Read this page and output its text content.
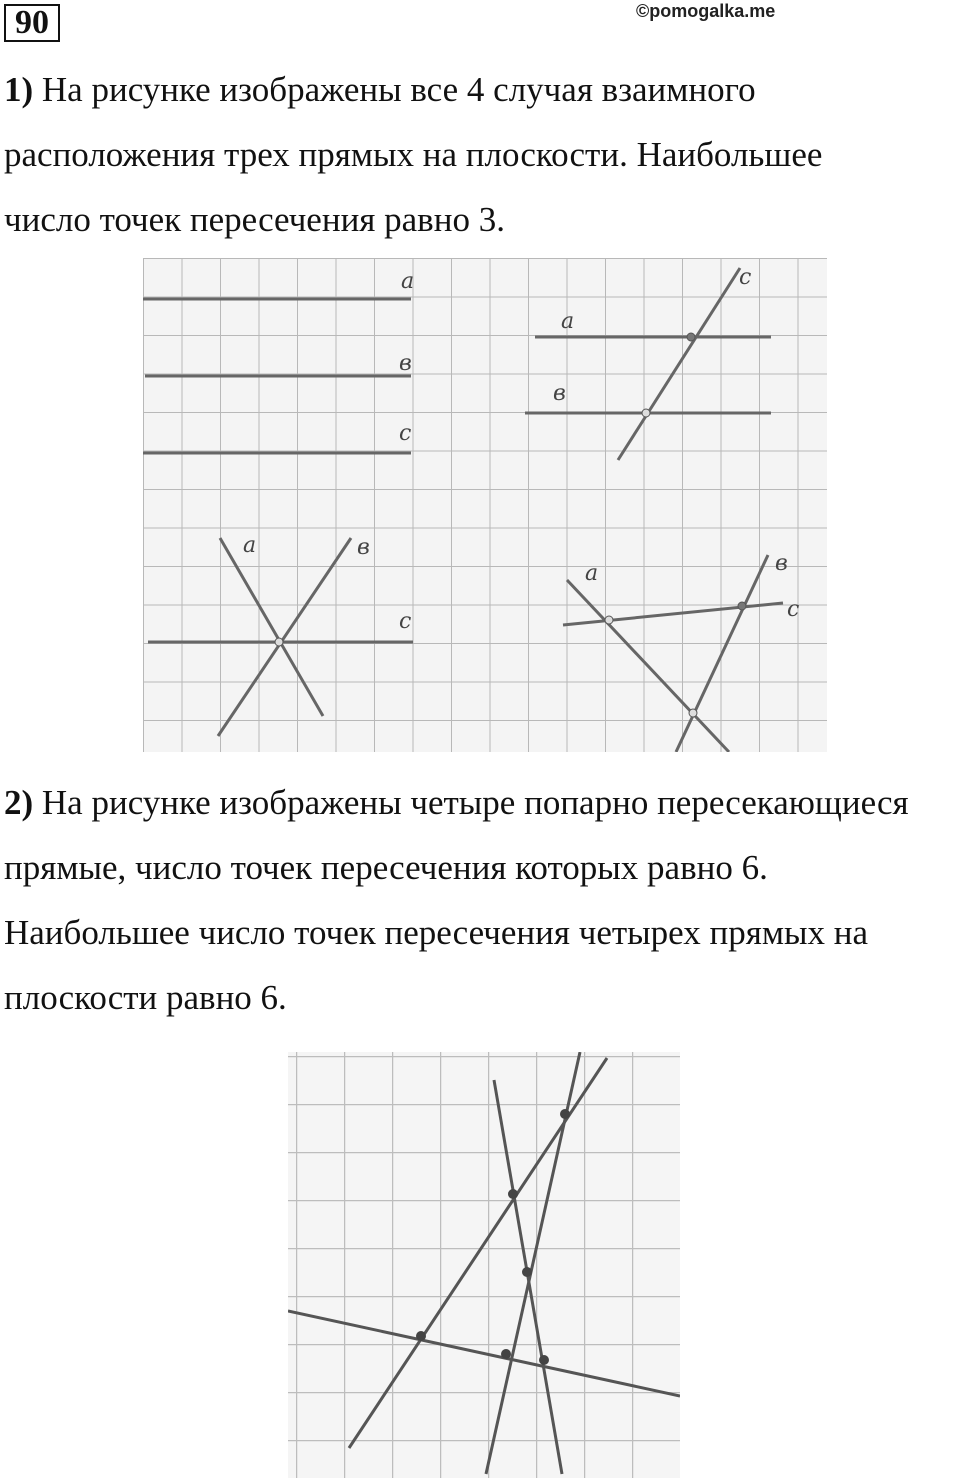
90	©pomogalka.me
1) На рисунке изображены все 4 случая взаимного
расположения трех прямых на плоскости. Наибольшее
число точек пересечения равно 3.
a
в
c
a
в
c
a	в
c
a	в
c
2) На рисунке изображены четыре попарно пересекающиеся
прямые, число точек пересечения которых равно 6.
Наибольшее число точек пересечения четырех прямых на
плоскости равно 6.
